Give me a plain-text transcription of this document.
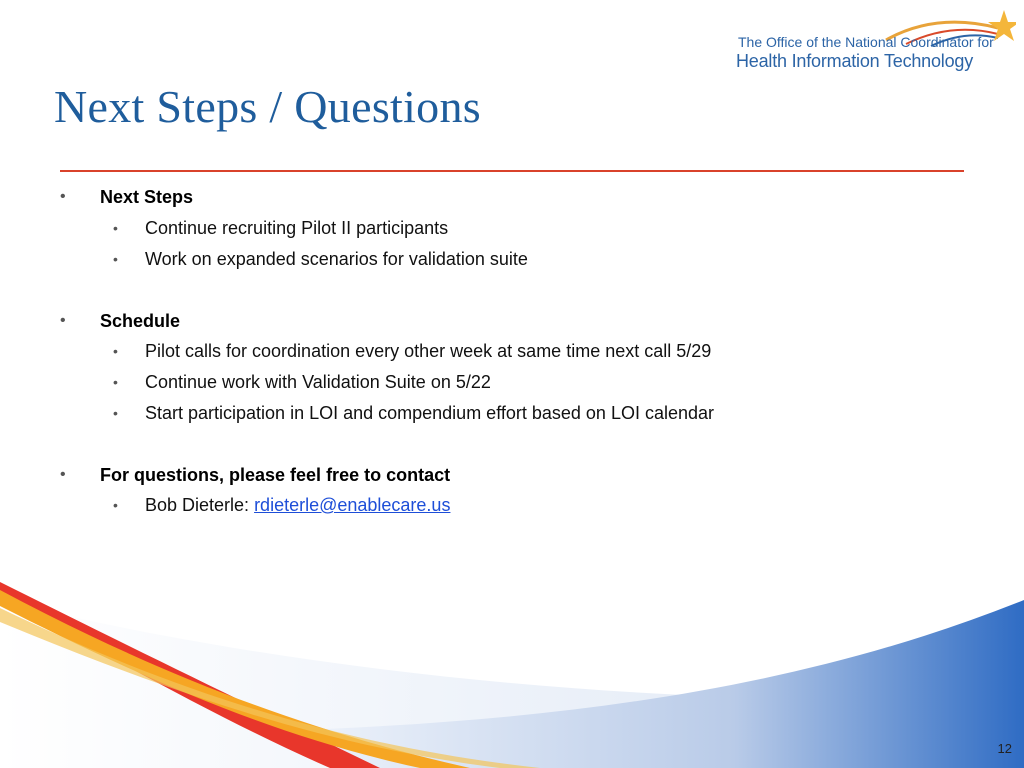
The Office of the National Coordinator for
Health Information Technology
Next Steps / Questions
• Next Steps
• Continue recruiting Pilot II participants
• Work on expanded scenarios for validation suite
• Schedule
• Pilot calls for coordination every other week at same time next call 5/29
• Continue work with Validation Suite on 5/22
• Start participation in LOI and compendium effort based on LOI calendar
• For questions, please feel free to contact
• Bob Dieterle: rdieterle@enablecare.us
12
